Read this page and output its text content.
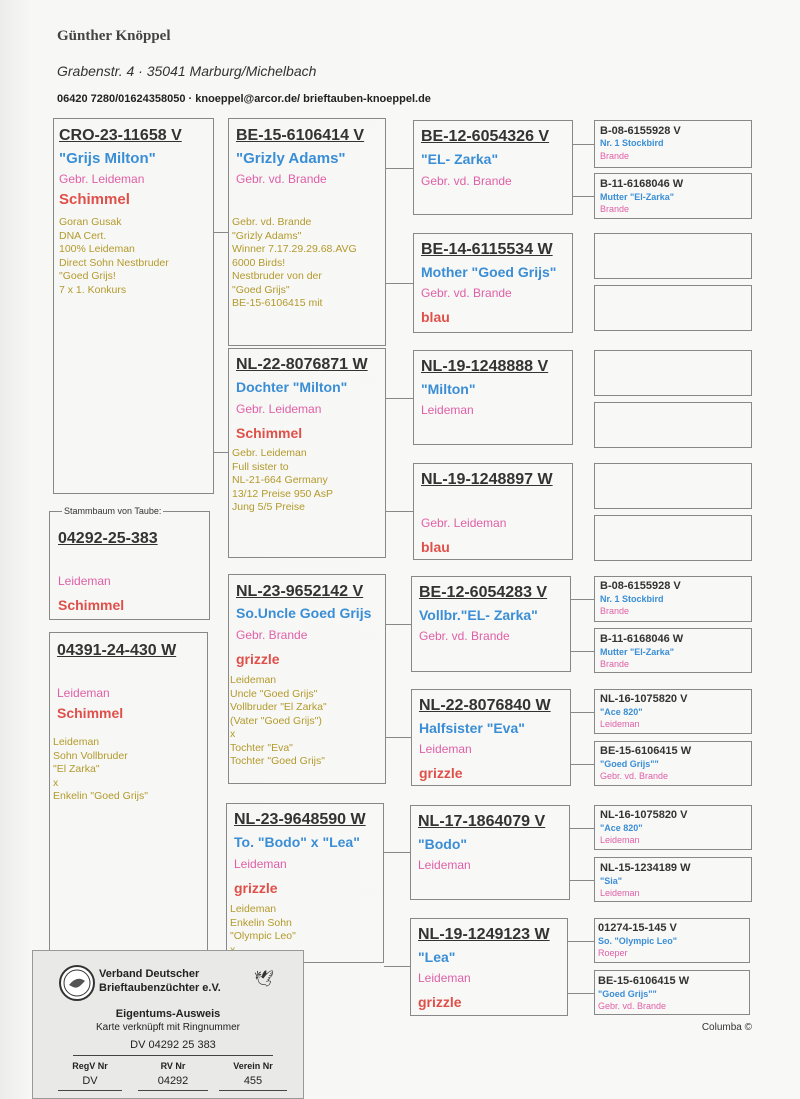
Günther Knöppel
Grabenstr. 4 · 35041 Marburg/Michelbach
06420 7280/01624358050 · knoeppel@arcor.de/ brieftauben-knoeppel.de
CRO-23-11658 V
"Grijs Milton"
Gebr. Leideman
Schimmel
Goran Gusak
DNA Cert.
100% Leideman
Direct Sohn Nestbruder
"Goed Grijs!
7 x 1. Konkurs
Stammbaum von Taube:
04292-25-383
Leideman
Schimmel
04391-24-430 W
Leideman
Schimmel
Leideman
Sohn Vollbruder
"El Zarka"
x
Enkelin "Goed Grijs"
BE-15-6106414 V
"Grizly Adams"
Gebr. vd. Brande
Gebr. vd. Brande
"Grizly Adams"
Winner 7.17.29.29.68.AVG
6000 Birds!
Nestbruder von der
"Goed Grijs"
BE-15-6106415 mit
NL-22-8076871 W
Dochter "Milton"
Gebr. Leideman
Schimmel
Gebr. Leideman
Full sister to
NL-21-664 Germany
13/12 Preise 950 AsP
Jung 5/5 Preise
NL-23-9652142 V
So.Uncle Goed Grijs
Gebr. Brande
grizzle
Leideman
Uncle "Goed Grijs"
Vollbruder "El Zarka"
(Vater "Goed Grijs")
x
Tochter "Eva"
Tochter "Goed Grijs"
NL-23-9648590 W
To. "Bodo" x "Lea"
Leideman
grizzle
Leideman
Enkelin Sohn
"Olympic Leo"

BE-12-6054326 V
"EL- Zarka"
Gebr. vd. Brande
BE-14-6115534 W
Mother "Goed Grijs"
Gebr. vd. Brande
blau
NL-19-1248888 V
"Milton"
Leideman
NL-19-1248897 W
Gebr. Leideman
blau
BE-12-6054283 V
Vollbr."EL- Zarka"
Gebr. vd. Brande
NL-22-8076840 W
Halfsister "Eva"
Leideman
grizzle
NL-17-1864079 V
"Bodo"
Leideman
NL-19-1249123 W
"Lea"
Leideman
grizzle
B-08-6155928 V
Nr. 1 Stockbird
Brande
B-11-6168046 W
Mutter "El-Zarka"
Brande
B-08-6155928 V
Nr. 1 Stockbird
Brande
B-11-6168046 W
Mutter "El-Zarka"
Brande
NL-16-1075820 V
"Ace 820"
Leideman
BE-15-6106415 W
"Goed Grijs""
Gebr. vd. Brande
NL-16-1075820 V
"Ace 820"
Leideman
NL-15-1234189 W
"Sia"
Leideman
01274-15-145 V
So. "Olympic Leo"
Roeper
BE-15-6106415 W
"Goed Grijs""
Gebr. vd. Brande
Columba ©
Verband Deutscher
Brieftaubenzüchter e.V. 🕊
Eigentums-Ausweis
Karte verknüpft mit Ringnummer
DV 04292 25 383
RegV Nr	RV Nr	Verein Nr
DV	04292	455
